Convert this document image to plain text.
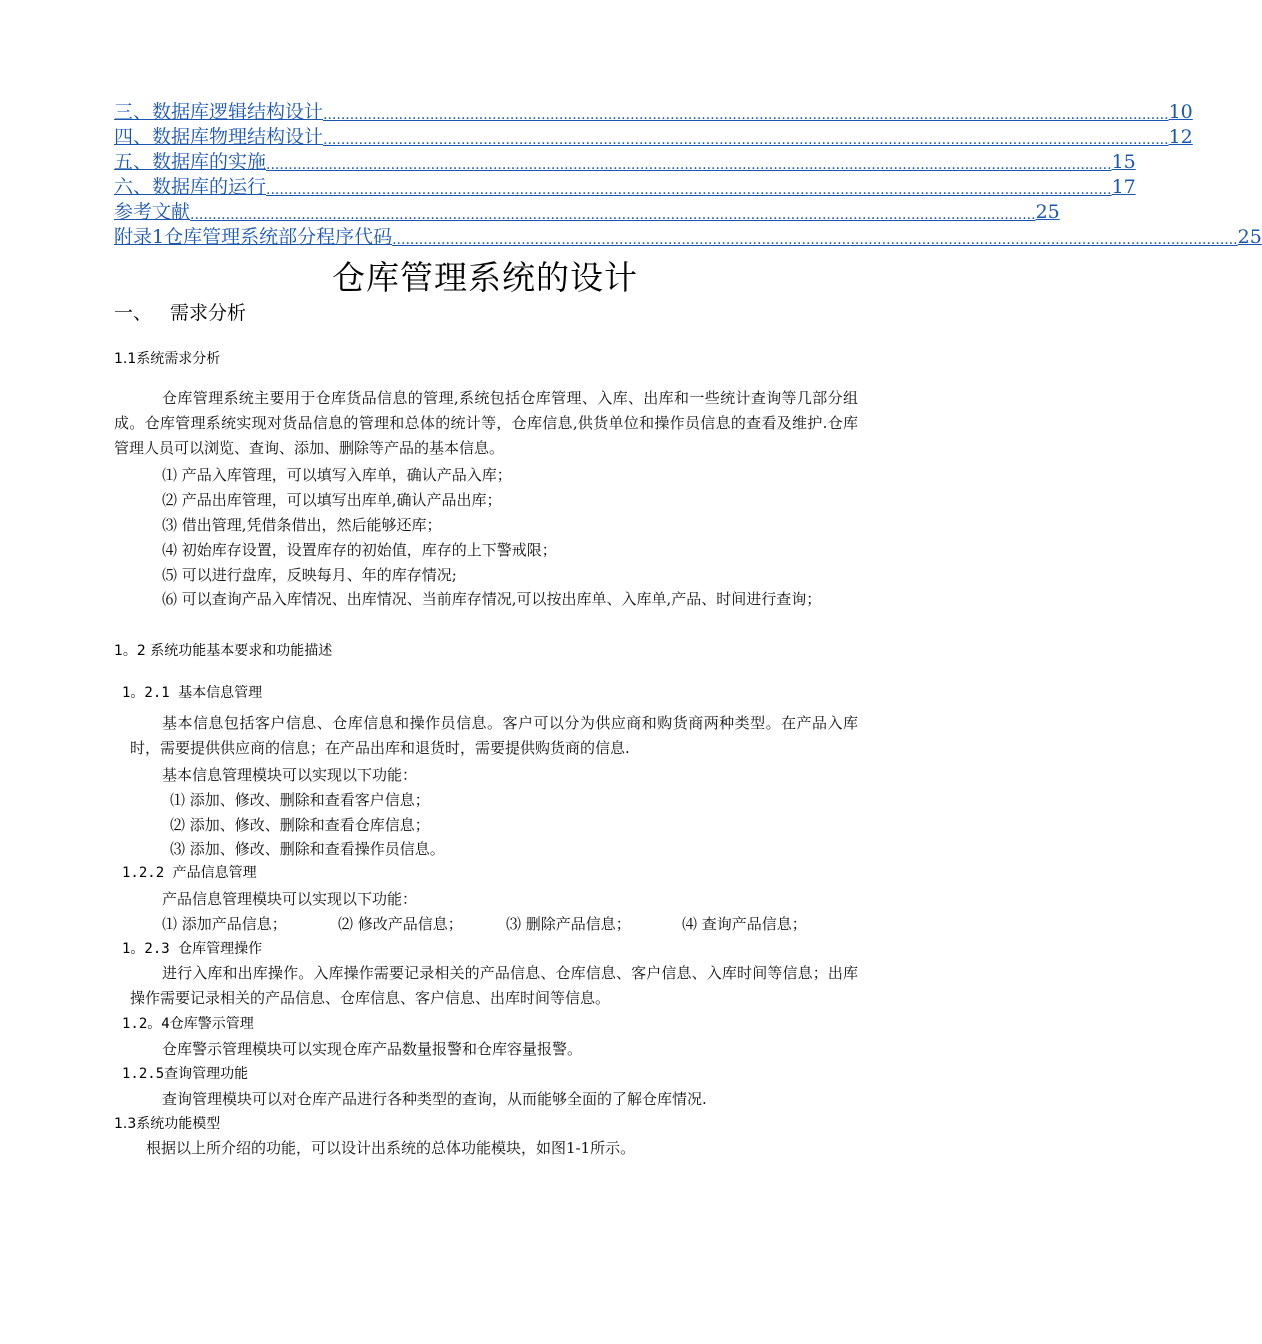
三、数据库逻辑结构设计 .............................................................................................................................................................................................. 10
四、数据库物理结构设计 .............................................................................................................................................................................................. 12
五、数据库的实施 .............................................................................................................................................................................................. 15
六、数据库的运行 .............................................................................................................................................................................................. 17
参考文献 .............................................................................................................................................................................................. 25
附录1仓库管理系统部分程序代码 .............................................................................................................................................................................................. 25
仓库管理系统的设计
一、 需求分析
1.1系统需求分析
仓库管理系统主要用于仓库货品信息的管理,系统包括仓库管理、入库、出库和一些统计查询等几部分组成。仓库管理系统实现对货品信息的管理和总体的统计等，仓库信息,供货单位和操作员信息的查看及维护.仓库管理人员可以浏览、查询、添加、删除等产品的基本信息。
⑴ 产品入库管理，可以填写入库单，确认产品入库；
⑵ 产品出库管理，可以填写出库单,确认产品出库；
⑶ 借出管理,凭借条借出，然后能够还库；
⑷ 初始库存设置，设置库存的初始值，库存的上下警戒限；
⑸ 可以进行盘库，反映每月、年的库存情况;
⑹ 可以查询产品入库情况、出库情况、当前库存情况,可以按出库单、入库单,产品、时间进行查询；
1。2 系统功能基本要求和功能描述
1。2.1 基本信息管理
基本信息包括客户信息、仓库信息和操作员信息。客户可以分为供应商和购货商两种类型。在产品入库时，需要提供供应商的信息；在产品出库和退货时，需要提供购货商的信息.
基本信息管理模块可以实现以下功能：
⑴ 添加、修改、删除和查看客户信息；
⑵ 添加、修改、删除和查看仓库信息；
⑶ 添加、修改、删除和查看操作员信息。
1.2.2 产品信息管理
产品信息管理模块可以实现以下功能：
⑴ 添加产品信息；	⑵ 修改产品信息；	⑶ 删除产品信息；	⑷ 查询产品信息；
1。2.3 仓库管理操作
进行入库和出库操作。入库操作需要记录相关的产品信息、仓库信息、客户信息、入库时间等信息；出库操作需要记录相关的产品信息、仓库信息、客户信息、出库时间等信息。
1.2。4仓库警示管理
仓库警示管理模块可以实现仓库产品数量报警和仓库容量报警。
1.2.5查询管理功能
查询管理模块可以对仓库产品进行各种类型的查询，从而能够全面的了解仓库情况.
1.3系统功能模型
根据以上所介绍的功能，可以设计出系统的总体功能模块，如图1-1所示。
